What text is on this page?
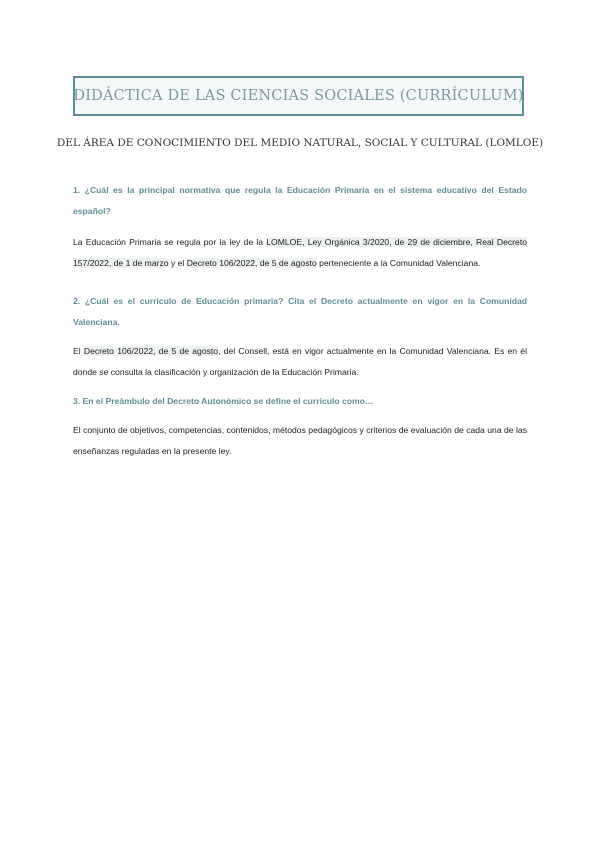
DIDÁCTICA DE LAS CIENCIAS SOCIALES (CURRÍCULUM)
DEL ÁREA DE CONOCIMIENTO DEL MEDIO NATURAL, SOCIAL Y CULTURAL (LOMLOE)

1. ¿Cuál es la principal normativa que regula la Educación Primaria en el sistema educativo del Estado español?

La Educación Primaria se regula por la ley de la LOMLOE, Ley Orgánica 3/2020, de 29 de diciembre, Real Decreto 157/2022, de 1 de marzo y el Decreto 106/2022, de 5 de agosto perteneciente a la Comunidad Valenciana.

2. ¿Cuál es el currículo de Educación primaria? Cita el Decreto actualmente en vigor en la Comunidad Valenciana.

El Decreto 106/2022, de 5 de agosto, del Consell, está en vigor actualmente en la Comunidad Valenciana. Es en él donde se consulta la clasificación y organización de la Educación Primaria.

3. En el Preámbulo del Decreto Autonómico se define el currículo como…

El conjunto de objetivos, competencias, contenidos, métodos pedagógicos y criterios de evaluación de cada una de las enseñanzas reguladas en la presente ley.
